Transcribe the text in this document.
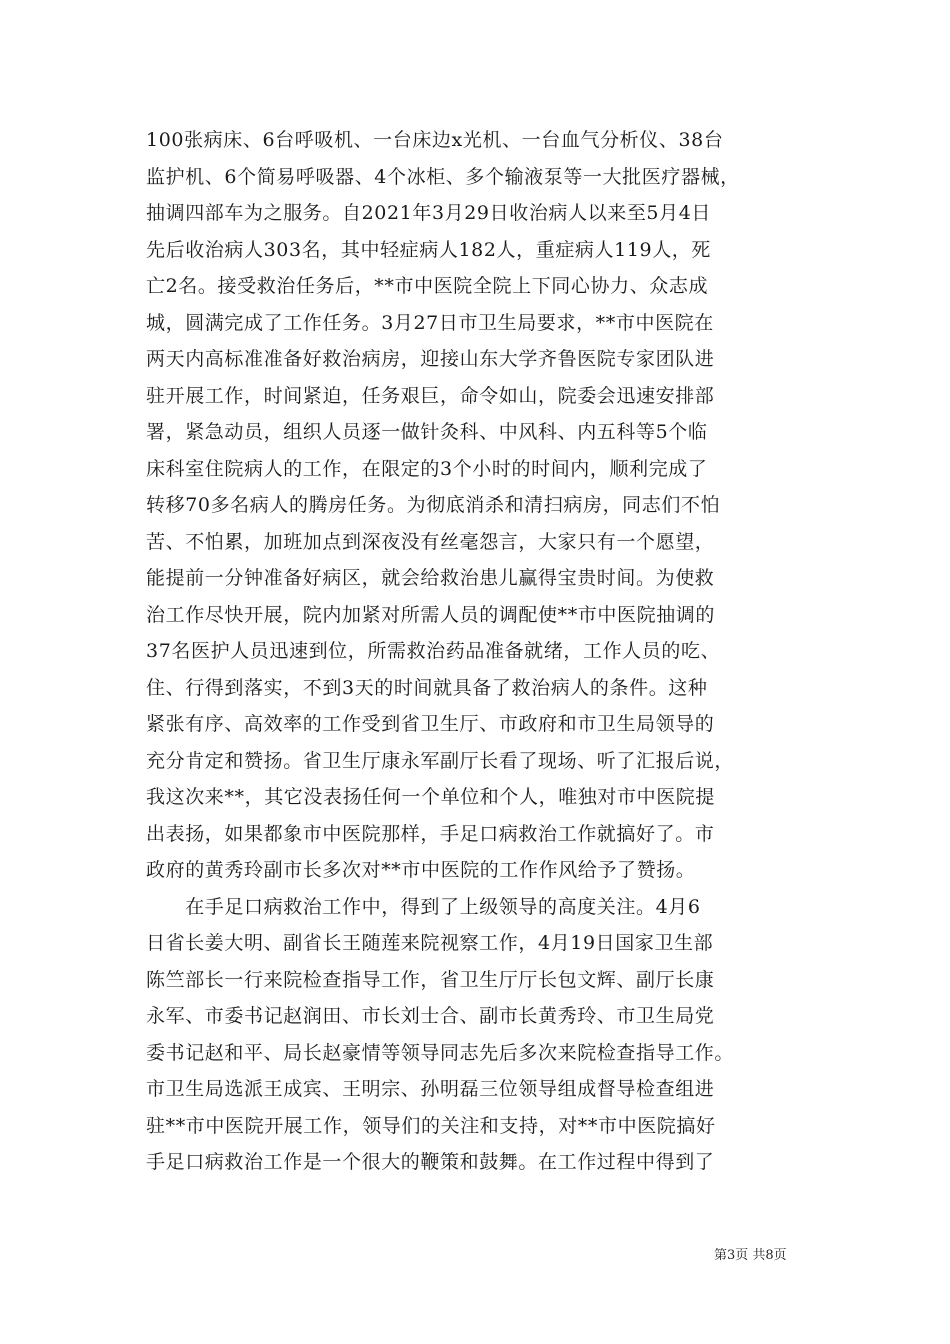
100张病床、6台呼吸机、一台床边x光机、一台血气分析仪、38台
监护机、6个简易呼吸器、4个冰柜、多个输液泵等一大批医疗器械，
抽调四部车为之服务。自2021年3月29日收治病人以来至5月4日
先后收治病人303名，其中轻症病人182人，重症病人119人，死
亡2名。接受救治任务后，**市中医院全院上下同心协力、众志成
城，圆满完成了工作任务。3月27日市卫生局要求，**市中医院在
两天内高标准准备好救治病房，迎接山东大学齐鲁医院专家团队进
驻开展工作，时间紧迫，任务艰巨，命令如山，院委会迅速安排部
署，紧急动员，组织人员逐一做针灸科、中风科、内五科等5个临
床科室住院病人的工作，在限定的3个小时的时间内，顺利完成了
转移70多名病人的腾房任务。为彻底消杀和清扫病房，同志们不怕
苦、不怕累，加班加点到深夜没有丝毫怨言，大家只有一个愿望，
能提前一分钟准备好病区，就会给救治患儿赢得宝贵时间。为使救
治工作尽快开展，院内加紧对所需人员的调配使**市中医院抽调的
37名医护人员迅速到位，所需救治药品准备就绪，工作人员的吃、
住、行得到落实，不到3天的时间就具备了救治病人的条件。这种
紧张有序、高效率的工作受到省卫生厅、市政府和市卫生局领导的
充分肯定和赞扬。省卫生厅康永军副厅长看了现场、听了汇报后说，
我这次来**，其它没表扬任何一个单位和个人，唯独对市中医院提
出表扬，如果都象市中医院那样，手足口病救治工作就搞好了。市
政府的黄秀玲副市长多次对**市中医院的工作作风给予了赞扬。
　　在手足口病救治工作中，得到了上级领导的高度关注。4月6
日省长姜大明、副省长王随莲来院视察工作，4月19日国家卫生部
陈竺部长一行来院检查指导工作，省卫生厅厅长包文辉、副厅长康
永军、市委书记赵润田、市长刘士合、副市长黄秀玲、市卫生局党
委书记赵和平、局长赵豪情等领导同志先后多次来院检查指导工作。
市卫生局选派王成宾、王明宗、孙明磊三位领导组成督导检查组进
驻**市中医院开展工作，领导们的关注和支持，对**市中医院搞好
手足口病救治工作是一个很大的鞭策和鼓舞。在工作过程中得到了
第3页 共8页
